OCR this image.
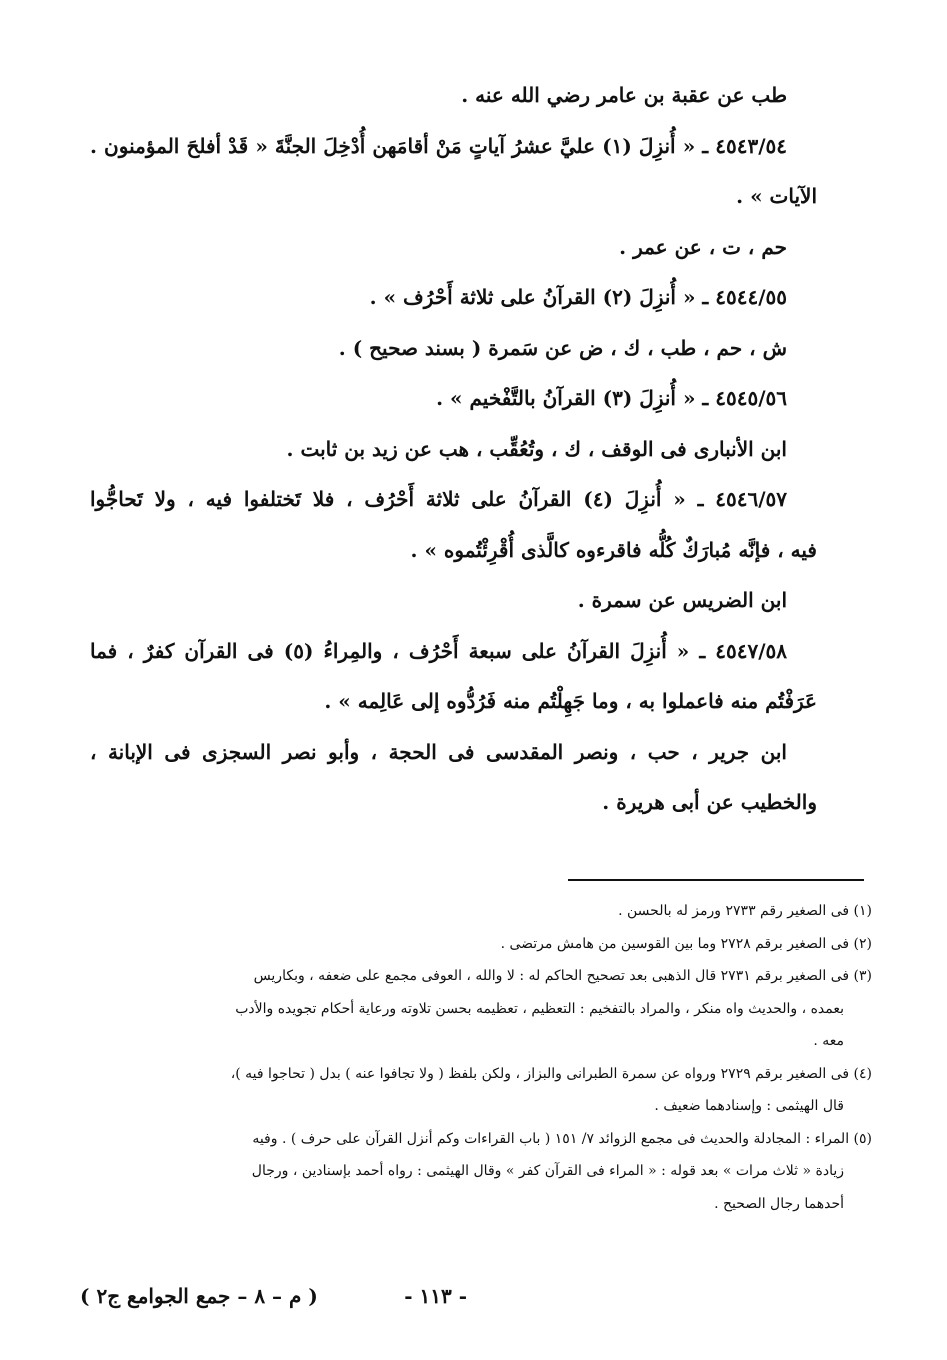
طب عن عقبة بن عامر رضي الله عنه .
٤٥٤٣/٥٤ ـ « أُنزِلَ (١) عليَّ عشرُ آياتٍ مَنْ أقامَهن أُدْخِلَ الجنَّةَ « قَدْ أفلحَ المؤمنون .
الآيات » .
حم ، ت ، عن عمر .
٤٥٤٤/٥٥ ـ « أُنزِلَ (٢) القرآنُ على ثلاثة أَحْرُف » .
ش ، حم ، طب ، ك ، ض عن سَمرة ( بسند صحيح ) .
٤٥٤٥/٥٦ ـ « أُنزِلَ (٣) القرآنُ بالتَّفْخيم » .
ابن الأنبارى فى الوقف ، ك ، وتُعُقِّب ، هب عن زيد بن ثابت .
٤٥٤٦/٥٧ ـ « أُنزِلَ (٤) القرآنُ على ثلاثة أَحْرُف ، فلا تَختلفوا فيه ، ولا تَحاجُّوا
فيه ، فإنَّه مُبارَكٌ كُلُّه فاقرءوه كالَّذى أُقْرِئْتُموه » .
ابن الضريس عن سمرة .
٤٥٤٧/٥٨ ـ « أُنزِلَ القرآنُ على سبعة أَحْرُف ، والمِراءُ (٥) فى القرآن كفرٌ ، فما
عَرَفْتُم منه فاعملوا به ، وما جَهِلْتُم منه فَرُدُّوه إلى عَالِمه » .
ابن جرير ، حب ، ونصر المقدسى فى الحجة ، وأبو نصر السجزى فى الإبانة ،
والخطيب عن أبى هريرة .
(١) فى الصغير رقم ٢٧٣٣ ورمز له بالحسن .
(٢) فى الصغير برقم ٢٧٢٨ وما بين القوسين من هامش مرتضى .
(٣) فى الصغير برقم ٢٧٣١ قال الذهبى بعد تصحيح الحاكم له : لا والله ، العوفى مجمع على ضعفه ، وبكاريس
بعمده ، والحديث واه منكر ، والمراد بالتفخيم : التعظيم ، تعظيمه بحسن تلاوته ورعاية أحكام تجويده والأدب
معه .
(٤) فى الصغير برقم ٢٧٢٩ ورواه عن سمرة الطبرانى والبزاز ، ولكن بلفظ ( ولا تجافوا عنه ) بدل ( تحاجوا فيه )،
قال الهيثمى : وإسنادهما ضعيف .
(٥) المراء : المجادلة والحديث فى مجمع الزوائد ٧/ ١٥١ ( باب القراءات وكم أنزل القرآن على حرف ) . وفيه
زيادة « ثلاث مرات » بعد قوله : « المراء فى القرآن كفر » وقال الهيثمى : رواه أحمد بإسنادين ، ورجال
أحدهما رجال الصحيح .
- ١١٣ -
( م – ٨ – جمع الجوامع ج٢ )
